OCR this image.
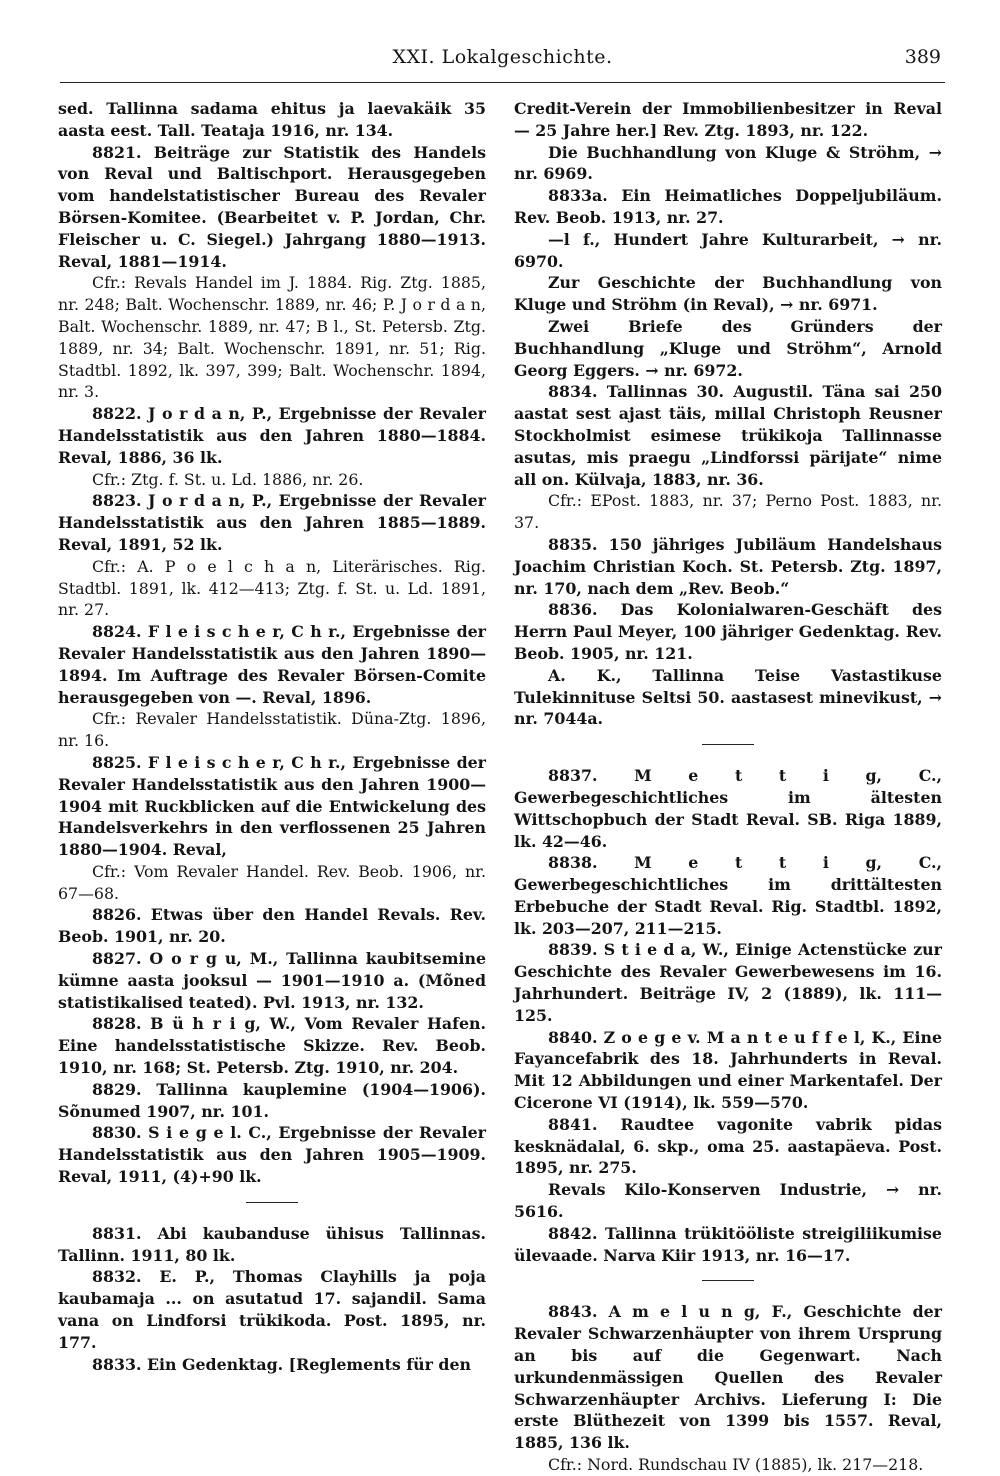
XXI. Lokalgeschichte.	389

sed. Tallinna sadama ehitus ja laevakäik 35 aasta eest. Tall. Teataja 1916, nr. 134.

8821. Beiträge zur Statistik des Handels von Reval und Baltischport. Herausgegeben vom handelstatistischer Bureau des Revaler Börsen-Komitee. (Bearbeitet v. P. Jordan, Chr. Fleischer u. C. Siegel.) Jahrgang 1880—1913. Reval, 1881—1914.

Cfr.: Revals Handel im J. 1884. Rig. Ztg. 1885, nr. 248; Balt. Wochenschr. 1889, nr. 46; P. J o r d a n, Balt. Wochenschr. 1889, nr. 47; B l., St. Petersb. Ztg. 1889, nr. 34; Balt. Wochenschr. 1891, nr. 51; Rig. Stadtbl. 1892, lk. 397, 399; Balt. Wochenschr. 1894, nr. 3.

8822. J o r d a n, P., Ergebnisse der Revaler Handelsstatistik aus den Jahren 1880—1884. Reval, 1886, 36 lk.

Cfr.: Ztg. f. St. u. Ld. 1886, nr. 26.

8823. J o r d a n, P., Ergebnisse der Revaler Handelsstatistik aus den Jahren 1885—1889. Reval, 1891, 52 lk.

Cfr.: A. P o e l c h a n, Literärisches. Rig. Stadtbl. 1891, lk. 412—413; Ztg. f. St. u. Ld. 1891, nr. 27.

8824. F l e i s c h e r, C h r., Ergebnisse der Revaler Handelsstatistik aus den Jahren 1890—1894. Im Auftrage des Revaler Börsen-Comite herausgegeben von —. Reval, 1896.

Cfr.: Revaler Handelsstatistik. Düna-Ztg. 1896, nr. 16.

8825. F l e i s c h e r, C h r., Ergebnisse der Revaler Handelsstatistik aus den Jahren 1900—1904 mit Ruckblicken auf die Entwickelung des Handelsverkehrs in den verflossenen 25 Jahren 1880—1904. Reval,

Cfr.: Vom Revaler Handel. Rev. Beob. 1906, nr. 67—68.

8826. Etwas über den Handel Revals. Rev. Beob. 1901, nr. 20.

8827. O o r g u, M., Tallinna kaubitsemine kümne aasta jooksul — 1901—1910 a. (Mõned statistikalised teated). Pvl. 1913, nr. 132.

8828. B ü h r i g, W., Vom Revaler Hafen. Eine handelsstatistische Skizze. Rev. Beob. 1910, nr. 168; St. Petersb. Ztg. 1910, nr. 204.

8829. Tallinna kauplemine (1904—1906). Sõnumed 1907, nr. 101.

8830. S i e g e l. C., Ergebnisse der Revaler Handelsstatistik aus den Jahren 1905—1909. Reval, 1911, (4)+90 lk.

8831. Abi kaubanduse ühisus Tallinnas. Tallinn. 1911, 80 lk.

8832. E. P., Thomas Clayhills ja poja kaubamaja ... on asutatud 17. sajandil. Sama vana on Lindforsi trükikoda. Post. 1895, nr. 177.

8833. Ein Gedenktag. [Reglements für den

Credit-Verein der Immobilienbesitzer in Reval — 25 Jahre her.] Rev. Ztg. 1893, nr. 122.

Die Buchhandlung von Kluge & Ströhm, → nr. 6969.

8833a. Ein Heimatliches Doppeljubiläum. Rev. Beob. 1913, nr. 27.

—l f., Hundert Jahre Kulturarbeit, → nr. 6970.

Zur Geschichte der Buchhandlung von Kluge und Ströhm (in Reval), → nr. 6971.

Zwei Briefe des Gründers der Buchhandlung „Kluge und Ströhm“, Arnold Georg Eggers. → nr. 6972.

8834. Tallinnas 30. Augustil. Täna sai 250 aastat sest ajast täis, millal Christoph Reusner Stockholmist esimese trükikoja Tallinnasse asutas, mis praegu „Lindforssi pärijate“ nime all on. Külvaja, 1883, nr. 36.

Cfr.: EPost. 1883, nr. 37; Perno Post. 1883, nr. 37.

8835. 150 jähriges Jubiläum Handelshaus Joachim Christian Koch. St. Petersb. Ztg. 1897, nr. 170, nach dem „Rev. Beob.“

8836. Das Kolonialwaren-Geschäft des Herrn Paul Meyer, 100 jähriger Gedenktag. Rev. Beob. 1905, nr. 121.

A. K., Tallinna Teise Vastastikuse Tulekinnituse Seltsi 50. aastasest minevikust, → nr. 7044a.

8837. M e t t i g, C., Gewerbegeschichtliches im ältesten Wittschopbuch der Stadt Reval. SB. Riga 1889, lk. 42—46.

8838. M e t t i g, C., Gewerbegeschichtliches im drittältesten Erbebuche der Stadt Reval. Rig. Stadtbl. 1892, lk. 203—207, 211—215.

8839. S t i e d a, W., Einige Actenstücke zur Geschichte des Revaler Gewerbewesens im 16. Jahrhundert. Beiträge IV, 2 (1889), lk. 111—125.

8840. Z o e g e v. M a n t e u f f e l, K., Eine Fayancefabrik des 18. Jahrhunderts in Reval. Mit 12 Abbildungen und einer Markentafel. Der Cicerone VI (1914), lk. 559—570.

8841. Raudtee vagonite vabrik pidas kesknädalal, 6. skp., oma 25. aastapäeva. Post. 1895, nr. 275.

Revals Kilo-Konserven Industrie, → nr. 5616.

8842. Tallinna trükitööliste streigiliikumise ülevaade. Narva Kiir 1913, nr. 16—17.

8843. A m e l u n g, F., Geschichte der Revaler Schwarzenhäupter von ihrem Ursprung an bis auf die Gegenwart. Nach urkundenmässigen Quellen des Revaler Schwarzenhäupter Archivs. Lieferung I: Die erste Blüthezeit von 1399 bis 1557. Reval, 1885, 136 lk.

Cfr.: Nord. Rundschau IV (1885), lk. 217—218.
